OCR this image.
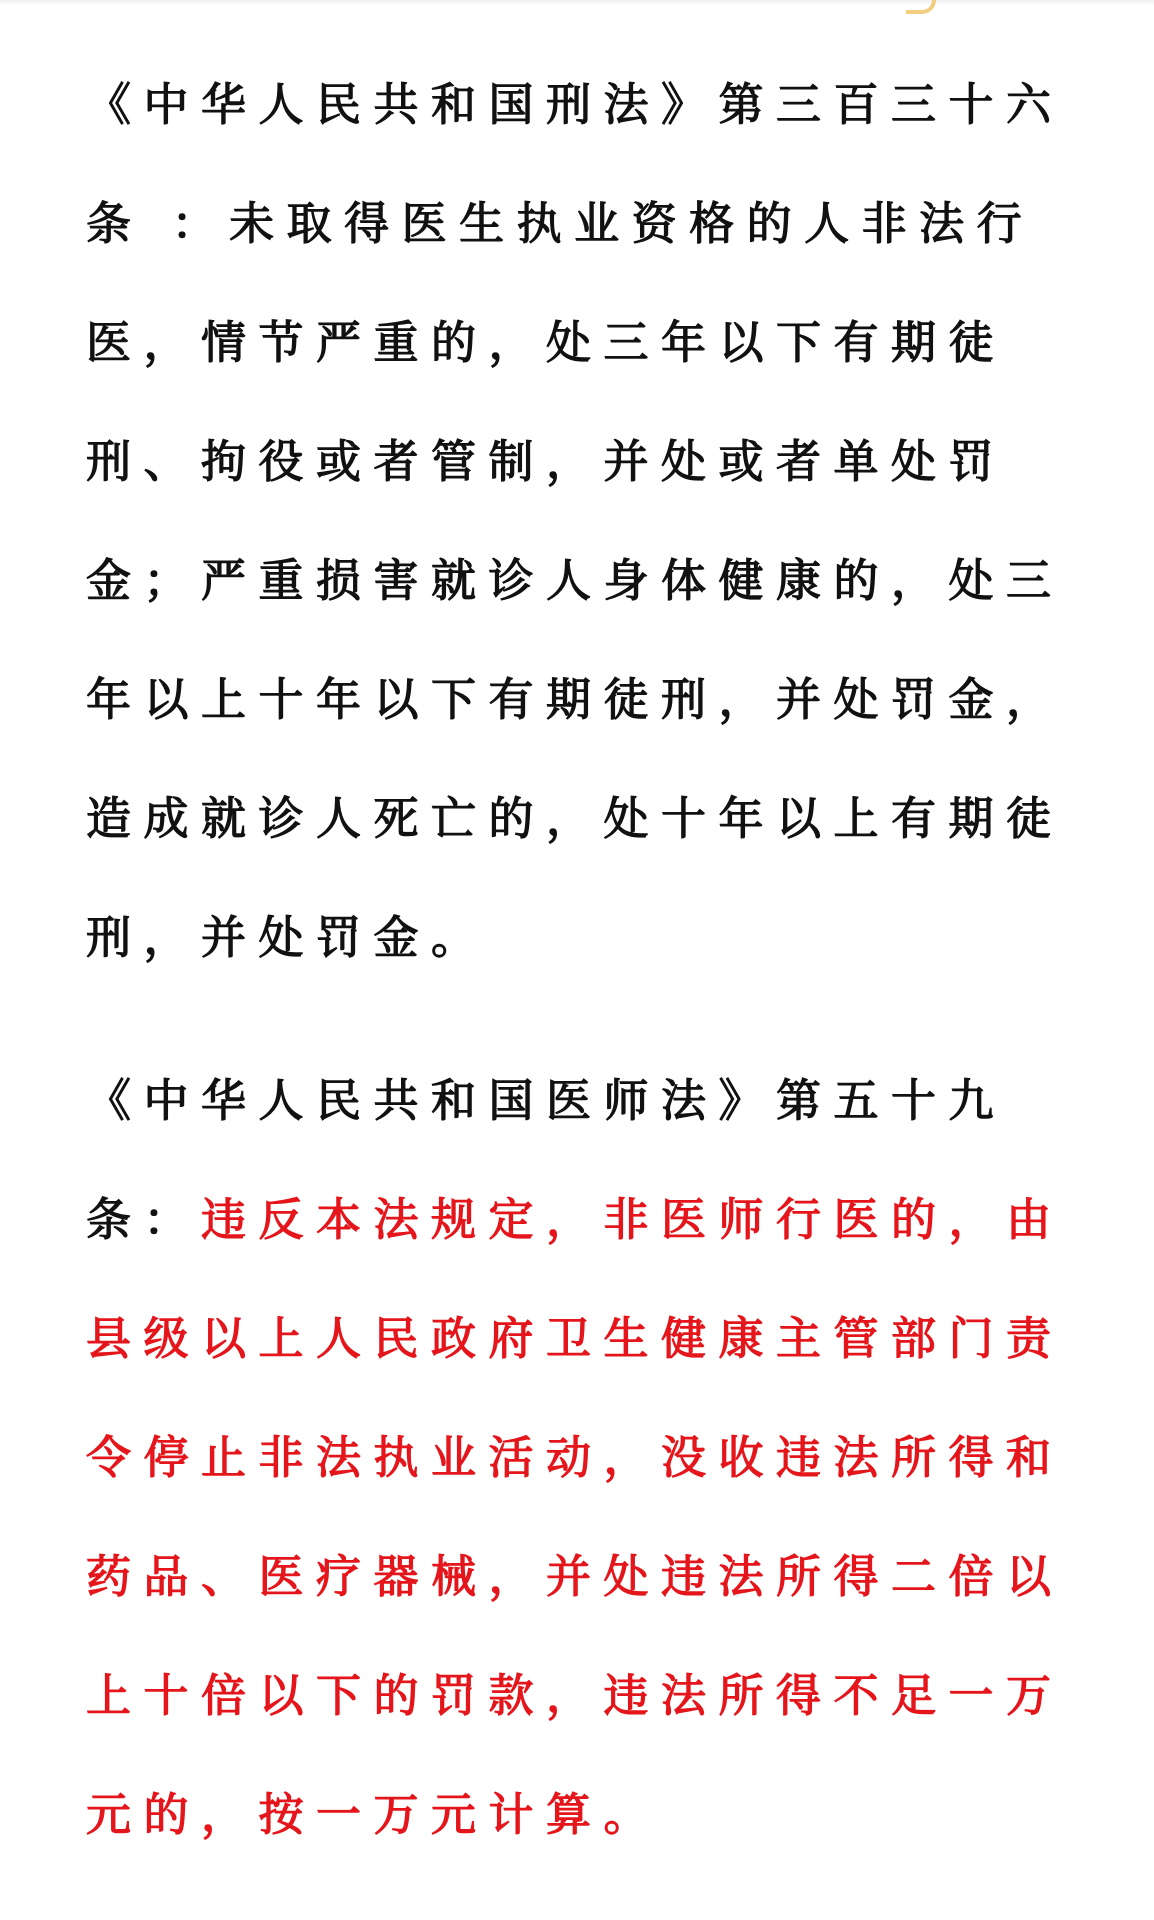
《中华人民共和国刑法》第三百三十六条 ：未取得医生执业资格的人非法行医，情节严重的，处三年以下有期徒刑、拘役或者管制，并处或者单处罚金；严重损害就诊人身体健康的，处三年以上十年以下有期徒刑，并处罚金，造成就诊人死亡的，处十年以上有期徒刑，并处罚金。

《中华人民共和国医师法》第五十九条：违反本法规定，非医师行医的，由县级以上人民政府卫生健康主管部门责令停止非法执业活动，没收违法所得和药品、医疗器械，并处违法所得二倍以上十倍以下的罚款，违法所得不足一万元的，按一万元计算。
